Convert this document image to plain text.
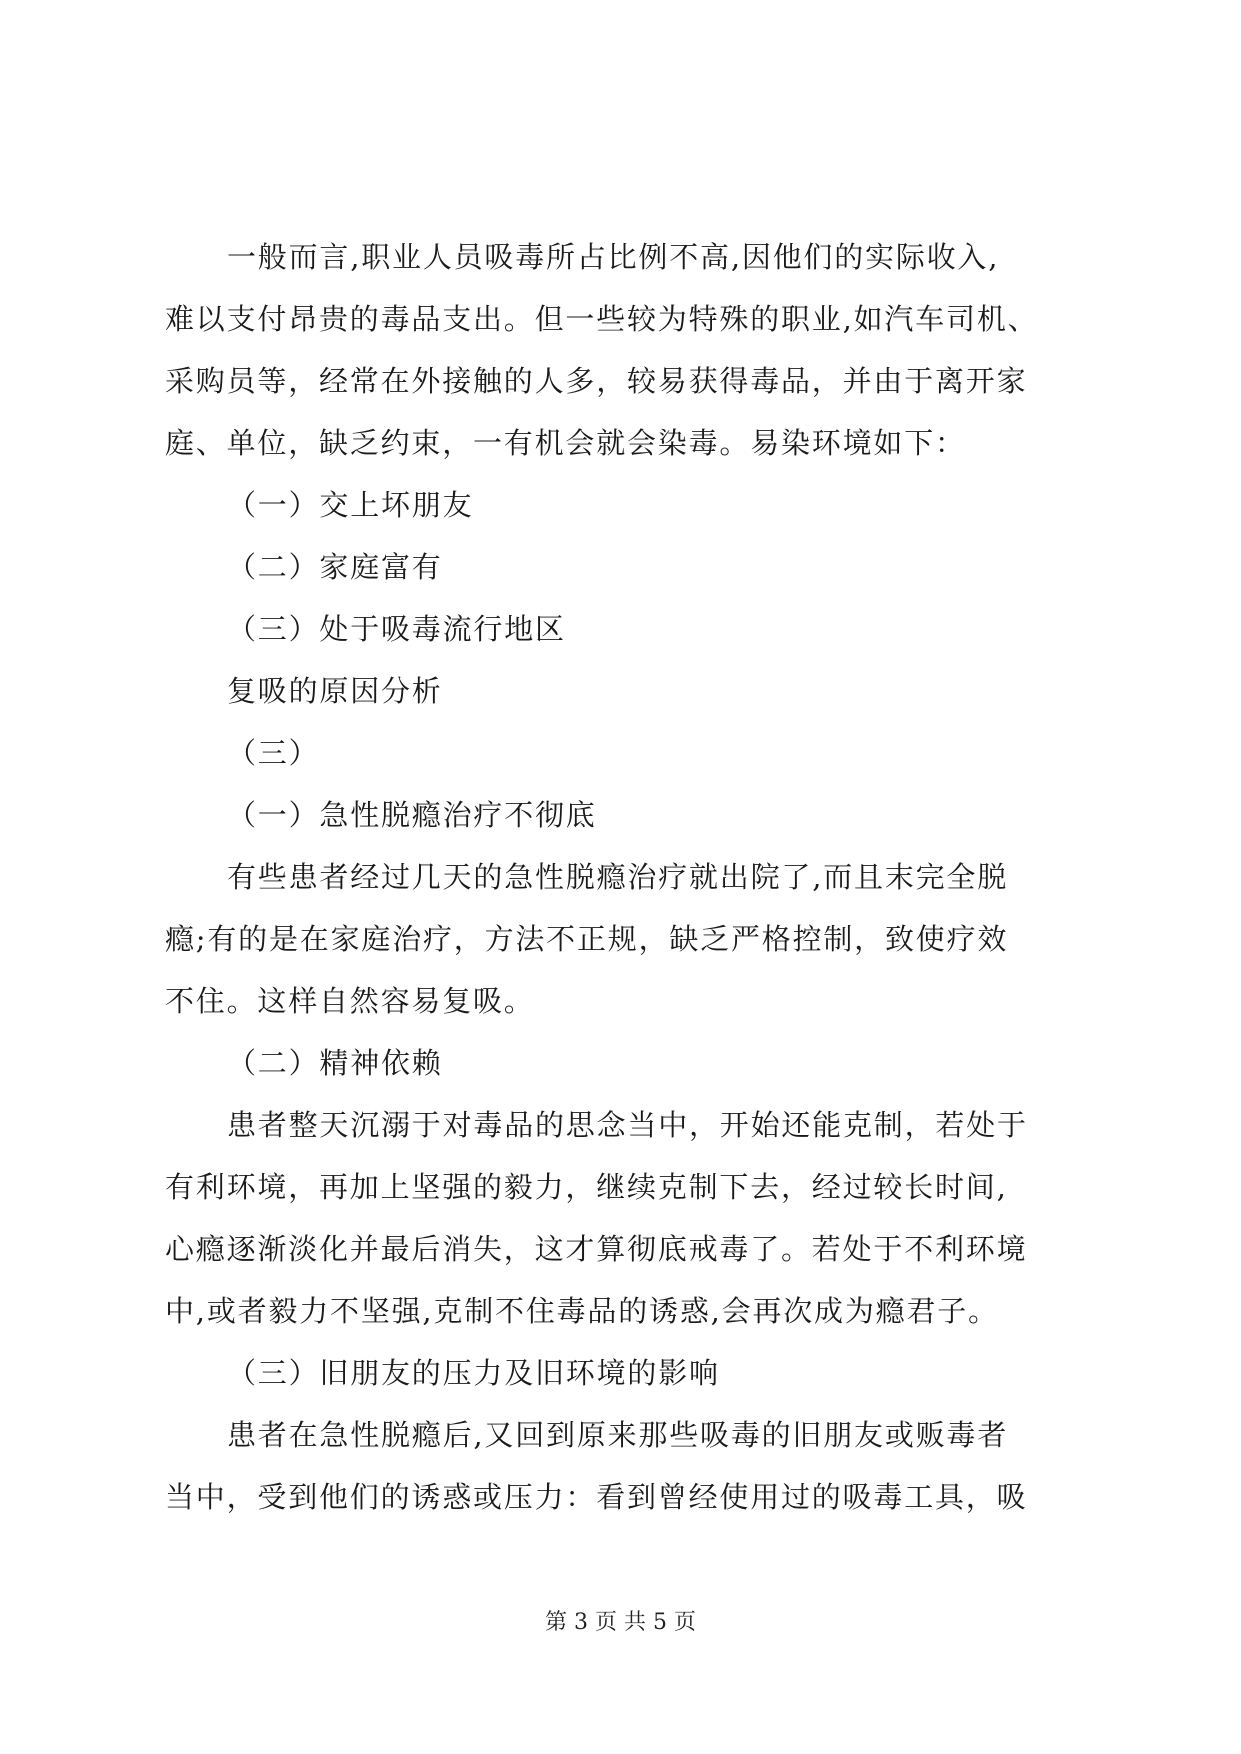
一般而言,职业人员吸毒所占比例不高,因他们的实际收入,
难以支付昂贵的毒品支出。但一些较为特殊的职业,如汽车司机、
采购员等，经常在外接触的人多，较易获得毒品，并由于离开家
庭、单位，缺乏约束，一有机会就会染毒。易染环境如下：
（一）交上坏朋友
（二）家庭富有
（三）处于吸毒流行地区
复吸的原因分析
（三）
（一）急性脱瘾治疗不彻底
有些患者经过几天的急性脱瘾治疗就出院了,而且末完全脱
瘾;有的是在家庭治疗，方法不正规，缺乏严格控制，致使疗效
不住。这样自然容易复吸。
（二）精神依赖
患者整天沉溺于对毒品的思念当中，开始还能克制，若处于
有利环境，再加上坚强的毅力，继续克制下去，经过较长时间,
心瘾逐渐淡化并最后消失，这才算彻底戒毒了。若处于不利环境
中,或者毅力不坚强,克制不住毒品的诱惑,会再次成为瘾君子。
（三）旧朋友的压力及旧环境的影响
患者在急性脱瘾后,又回到原来那些吸毒的旧朋友或贩毒者
当中，受到他们的诱惑或压力：看到曾经使用过的吸毒工具，吸
第 3 页 共 5 页
